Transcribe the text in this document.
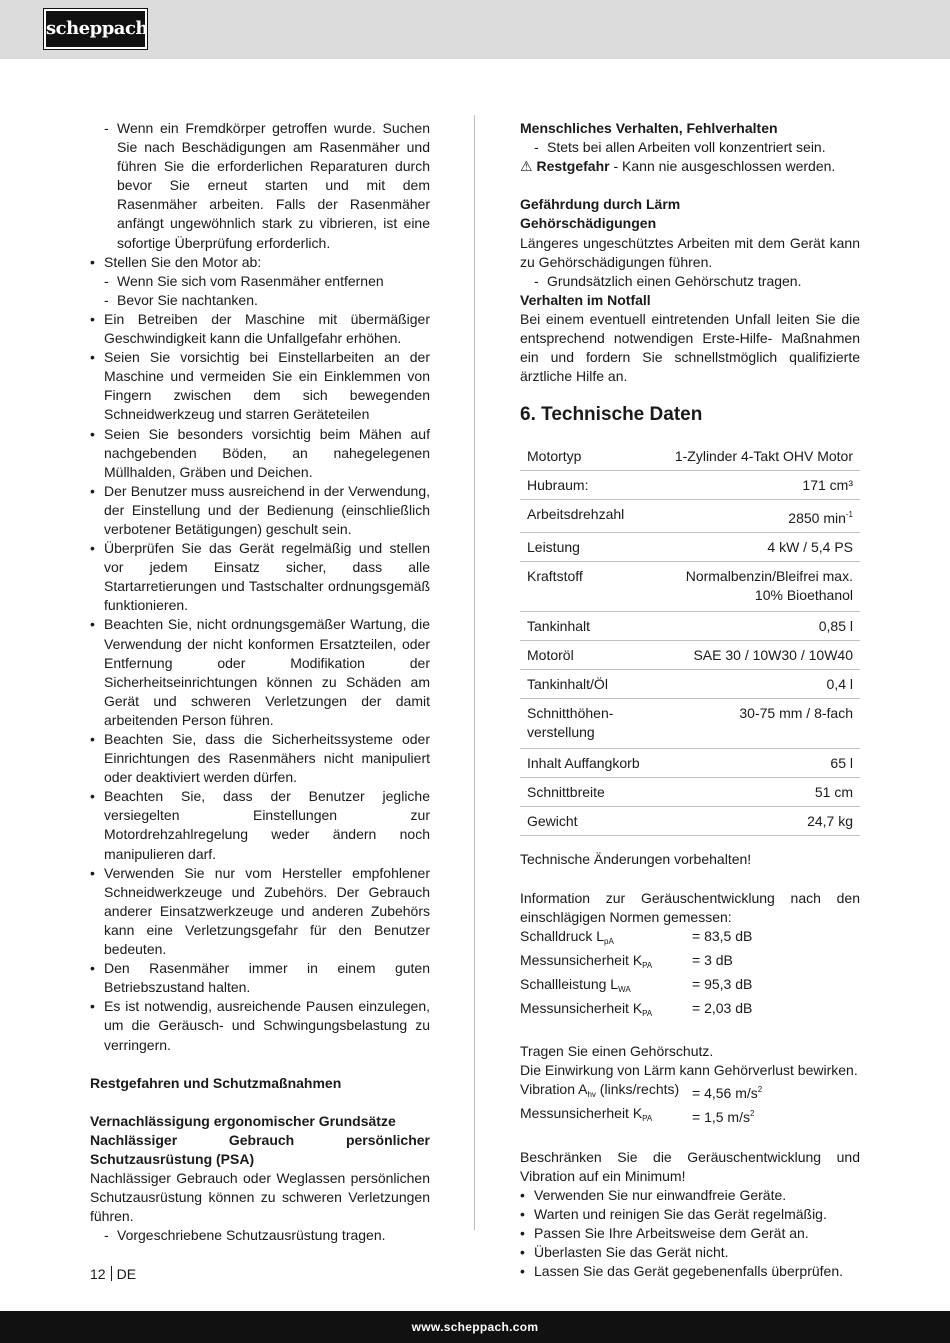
scheppach
- Wenn ein Fremdkörper getroffen wurde. Suchen Sie nach Beschädigungen am Rasenmäher und führen Sie die erforderlichen Reparaturen durch bevor Sie erneut starten und mit dem Rasenmäher arbeiten. Falls der Rasenmäher anfängt ungewöhnlich stark zu vibrieren, ist eine sofortige Überprüfung erforderlich.
• Stellen Sie den Motor ab:
- Wenn Sie sich vom Rasenmäher entfernen
- Bevor Sie nachtanken.
• Ein Betreiben der Maschine mit übermäßiger Geschwindigkeit kann die Unfallgefahr erhöhen.
• Seien Sie vorsichtig bei Einstellarbeiten an der Maschine und vermeiden Sie ein Einklemmen von Fingern zwischen dem sich bewegenden Schneidwerkzeug und starren Geräteteilen
• Seien Sie besonders vorsichtig beim Mähen auf nachgebenden Böden, an nahegelegenen Müllhalden, Gräben und Deichen.
• Der Benutzer muss ausreichend in der Verwendung, der Einstellung und der Bedienung (einschließlich verbotener Betätigungen) geschult sein.
• Überprüfen Sie das Gerät regelmäßig und stellen vor jedem Einsatz sicher, dass alle Startarretierungen und Tastschalter ordnungsgemäß funktionieren.
• Beachten Sie, nicht ordnungsgemäßer Wartung, die Verwendung der nicht konformen Ersatzteilen, oder Entfernung oder Modifikation der Sicherheitseinrichtungen können zu Schäden am Gerät und schweren Verletzungen der damit arbeitenden Person führen.
• Beachten Sie, dass die Sicherheitssysteme oder Einrichtungen des Rasenmähers nicht manipuliert oder deaktiviert werden dürfen.
• Beachten Sie, dass der Benutzer jegliche versiegelten Einstellungen zur Motordrehzahlregelung weder ändern noch manipulieren darf.
• Verwenden Sie nur vom Hersteller empfohlener Schneidwerkzeuge und Zubehörs. Der Gebrauch anderer Einsatzwerkzeuge und anderen Zubehörs kann eine Verletzungsgefahr für den Benutzer bedeuten.
• Den Rasenmäher immer in einem guten Betriebszustand halten.
• Es ist notwendig, ausreichende Pausen einzulegen, um die Geräusch- und Schwingungsbelastung zu verringern.

Restgefahren und Schutzmaßnahmen

Vernachlässigung ergonomischer Grundsätze

Nachlässiger Gebrauch persönlicher Schutzausrüstung (PSA)

Nachlässiger Gebrauch oder Weglassen persönlichen Schutzausrüstung können zu schweren Verletzungen führen.

- Vorgeschriebene Schutzausrüstung tragen.

Menschliches Verhalten, Fehlverhalten

- Stets bei allen Arbeiten voll konzentriert sein.

⚠ Restgefahr - Kann nie ausgeschlossen werden.

Gefährdung durch Lärm

Gehörschädigungen

Längeres ungeschütztes Arbeiten mit dem Gerät kann zu Gehörschädigungen führen.

- Grundsätzlich einen Gehörschutz tragen.

Verhalten im Notfall

Bei einem eventuell eintretenden Unfall leiten Sie die entsprechend notwendigen Erste-Hilfe- Maßnahmen ein und fordern Sie schnellstmöglich qualifizierte ärztliche Hilfe an.

6. Technische Daten
Motortyp	1-Zylinder 4-Takt OHV Motor
Hubraum:	171 cm³
Arbeitsdrehzahl	2850 $\min^{-1}$
Leistung	4 kW / 5,4 PS
Kraftstoff	Normalbenzin/Bleifrei max.
10% Bioethanol
Tankinhalt	0,85 l
Motoröl	SAE 30 / 10W30 / 10W40
Tankinhalt/Öl	0,4 l
Schnitthöhen-
verstellung	30-75 mm / 8-fach
Inhalt Auffangkorb	65 l
Schnittbreite	51 cm
Gewicht	24,7 kg

Technische Änderungen vorbehalten!

Information zur Geräuschentwicklung nach den einschlägigen Normen gemessen:

Schalldruck $L_{pA}$	= 83,5 dB
Messunsicherheit $K_{PA}$	= 3 dB
Schallleistung $L_{WA}$	= 95,3 dB
Messunsicherheit $K_{PA}$	= 2,03 dB

Tragen Sie einen Gehörschutz.

Die Einwirkung von Lärm kann Gehörverlust bewirken.

Vibration $A_{hv}$ (links/rechts) = 4,56 $m/s^2$
Messunsicherheit $K_{PA}$	= 1,5 $m/s^2$

Beschränken Sie die Geräuschentwicklung und Vibration auf ein Minimum!

• Verwenden Sie nur einwandfreie Geräte.
• Warten und reinigen Sie das Gerät regelmäßig.
• Passen Sie Ihre Arbeitsweise dem Gerät an.
• Überlasten Sie das Gerät nicht.
• Lassen Sie das Gerät gegebenenfalls überprüfen.
12 DE
www.scheppach.com
